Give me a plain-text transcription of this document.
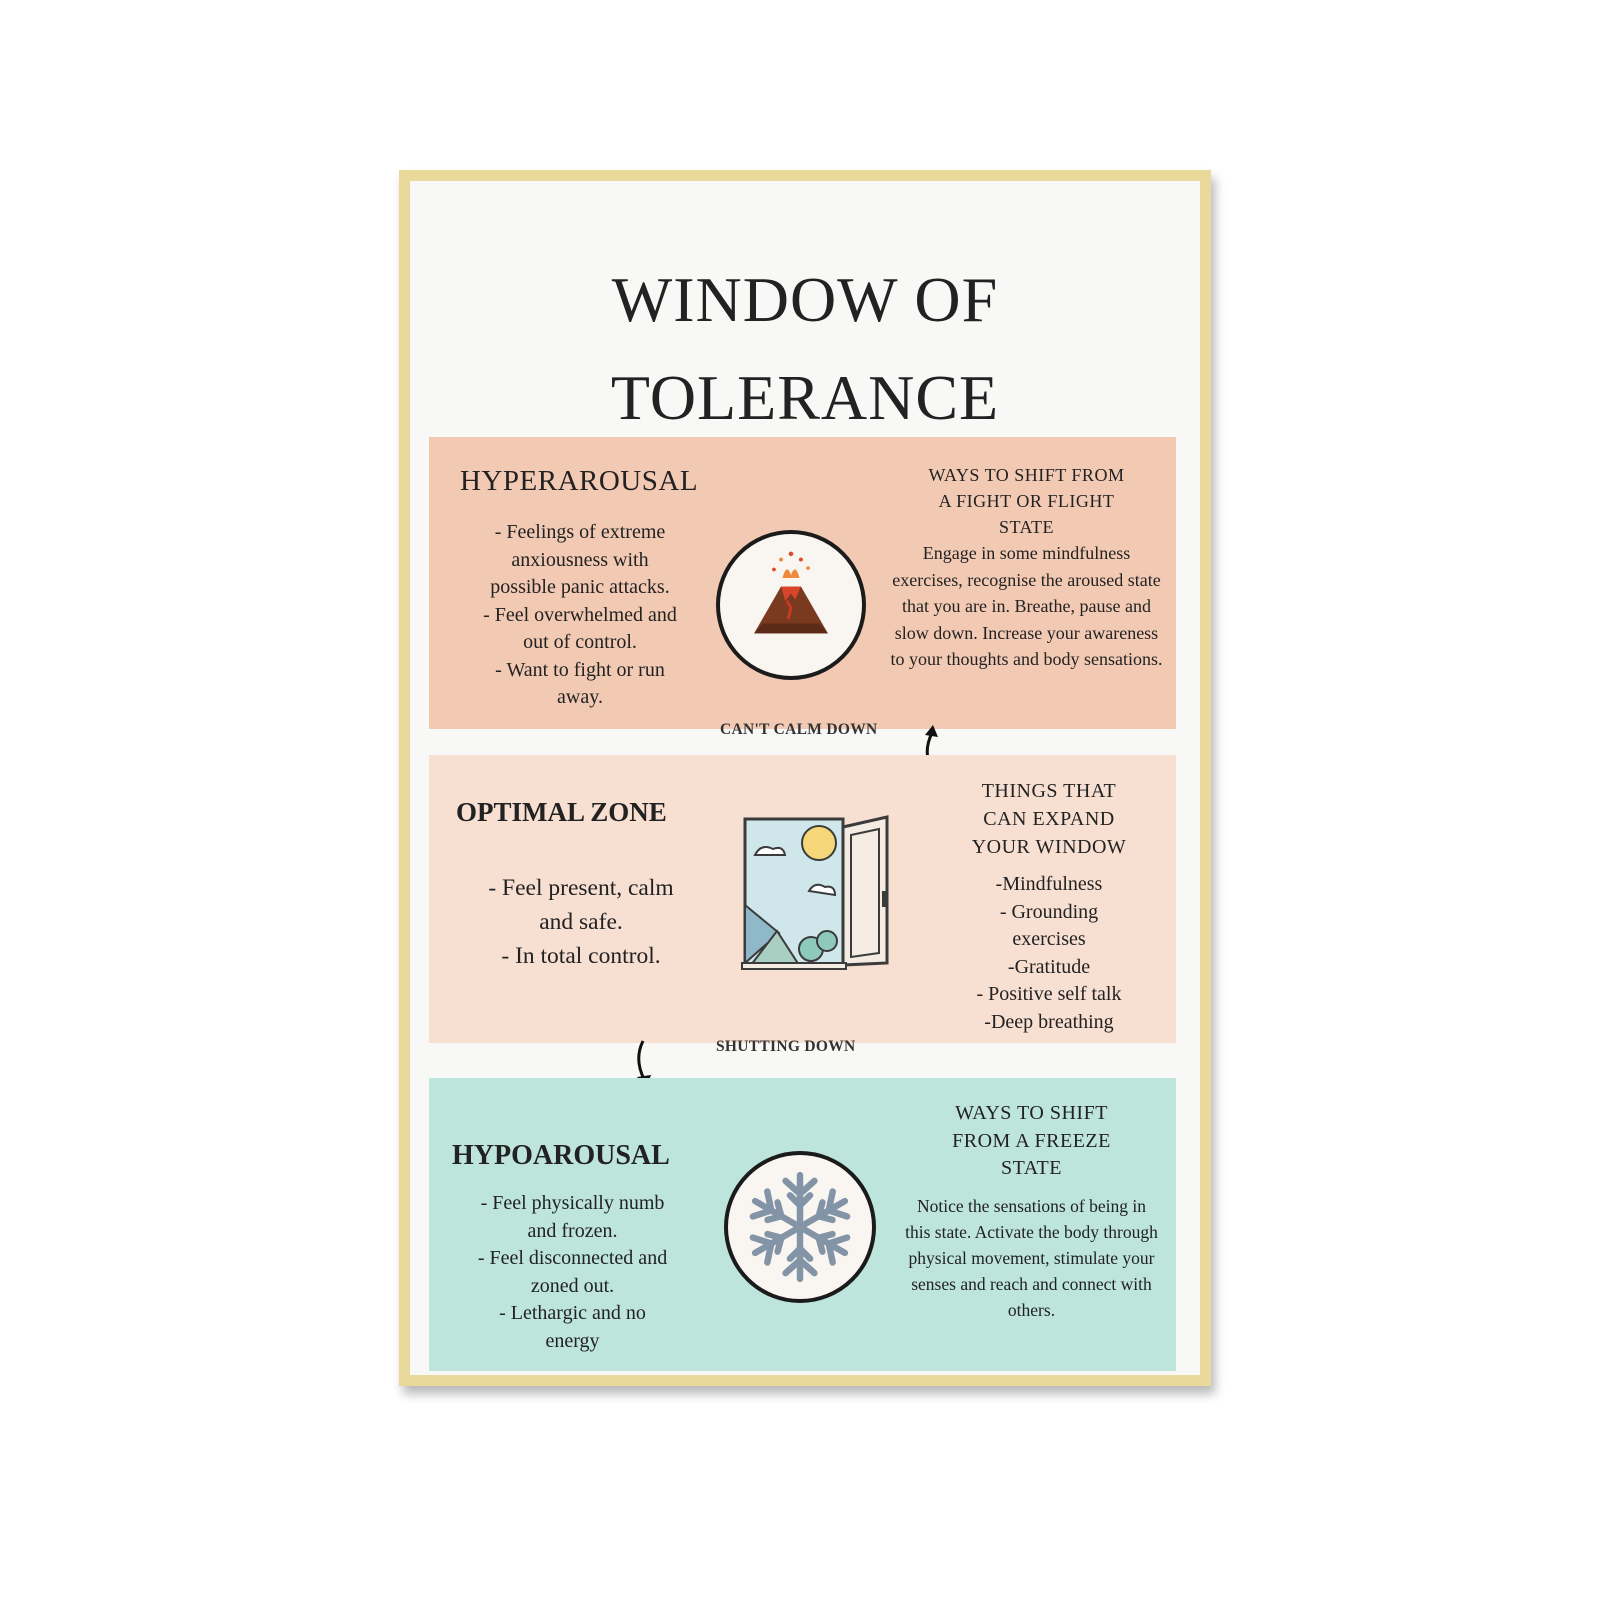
WINDOW OF
TOLERANCE
HYPERAROUSAL
- Feelings of extreme
anxiousness with
possible panic attacks.
- Feel overwhelmed and
out of control.
- Want to fight or run
away.
WAYS TO SHIFT FROM A FIGHT OR FLIGHT STATE
Engage in some mindfulness exercises, recognise the aroused state that you are in. Breathe, pause and slow down. Increase your awareness to your thoughts and body sensations.
CAN'T CALM DOWN
OPTIMAL ZONE
- Feel present, calm
and safe.
- In total control.
THINGS THAT CAN EXPAND YOUR WINDOW
-Mindfulness
- Grounding
exercises
-Gratitude
- Positive self talk
-Deep breathing
SHUTTING DOWN
HYPOAROUSAL
- Feel physically numb
and frozen.
- Feel disconnected and
zoned out.
- Lethargic and no
energy
WAYS TO SHIFT FROM A FREEZE STATE
Notice the sensations of being in this state. Activate the body through physical movement, stimulate your senses and reach and connect with others.
